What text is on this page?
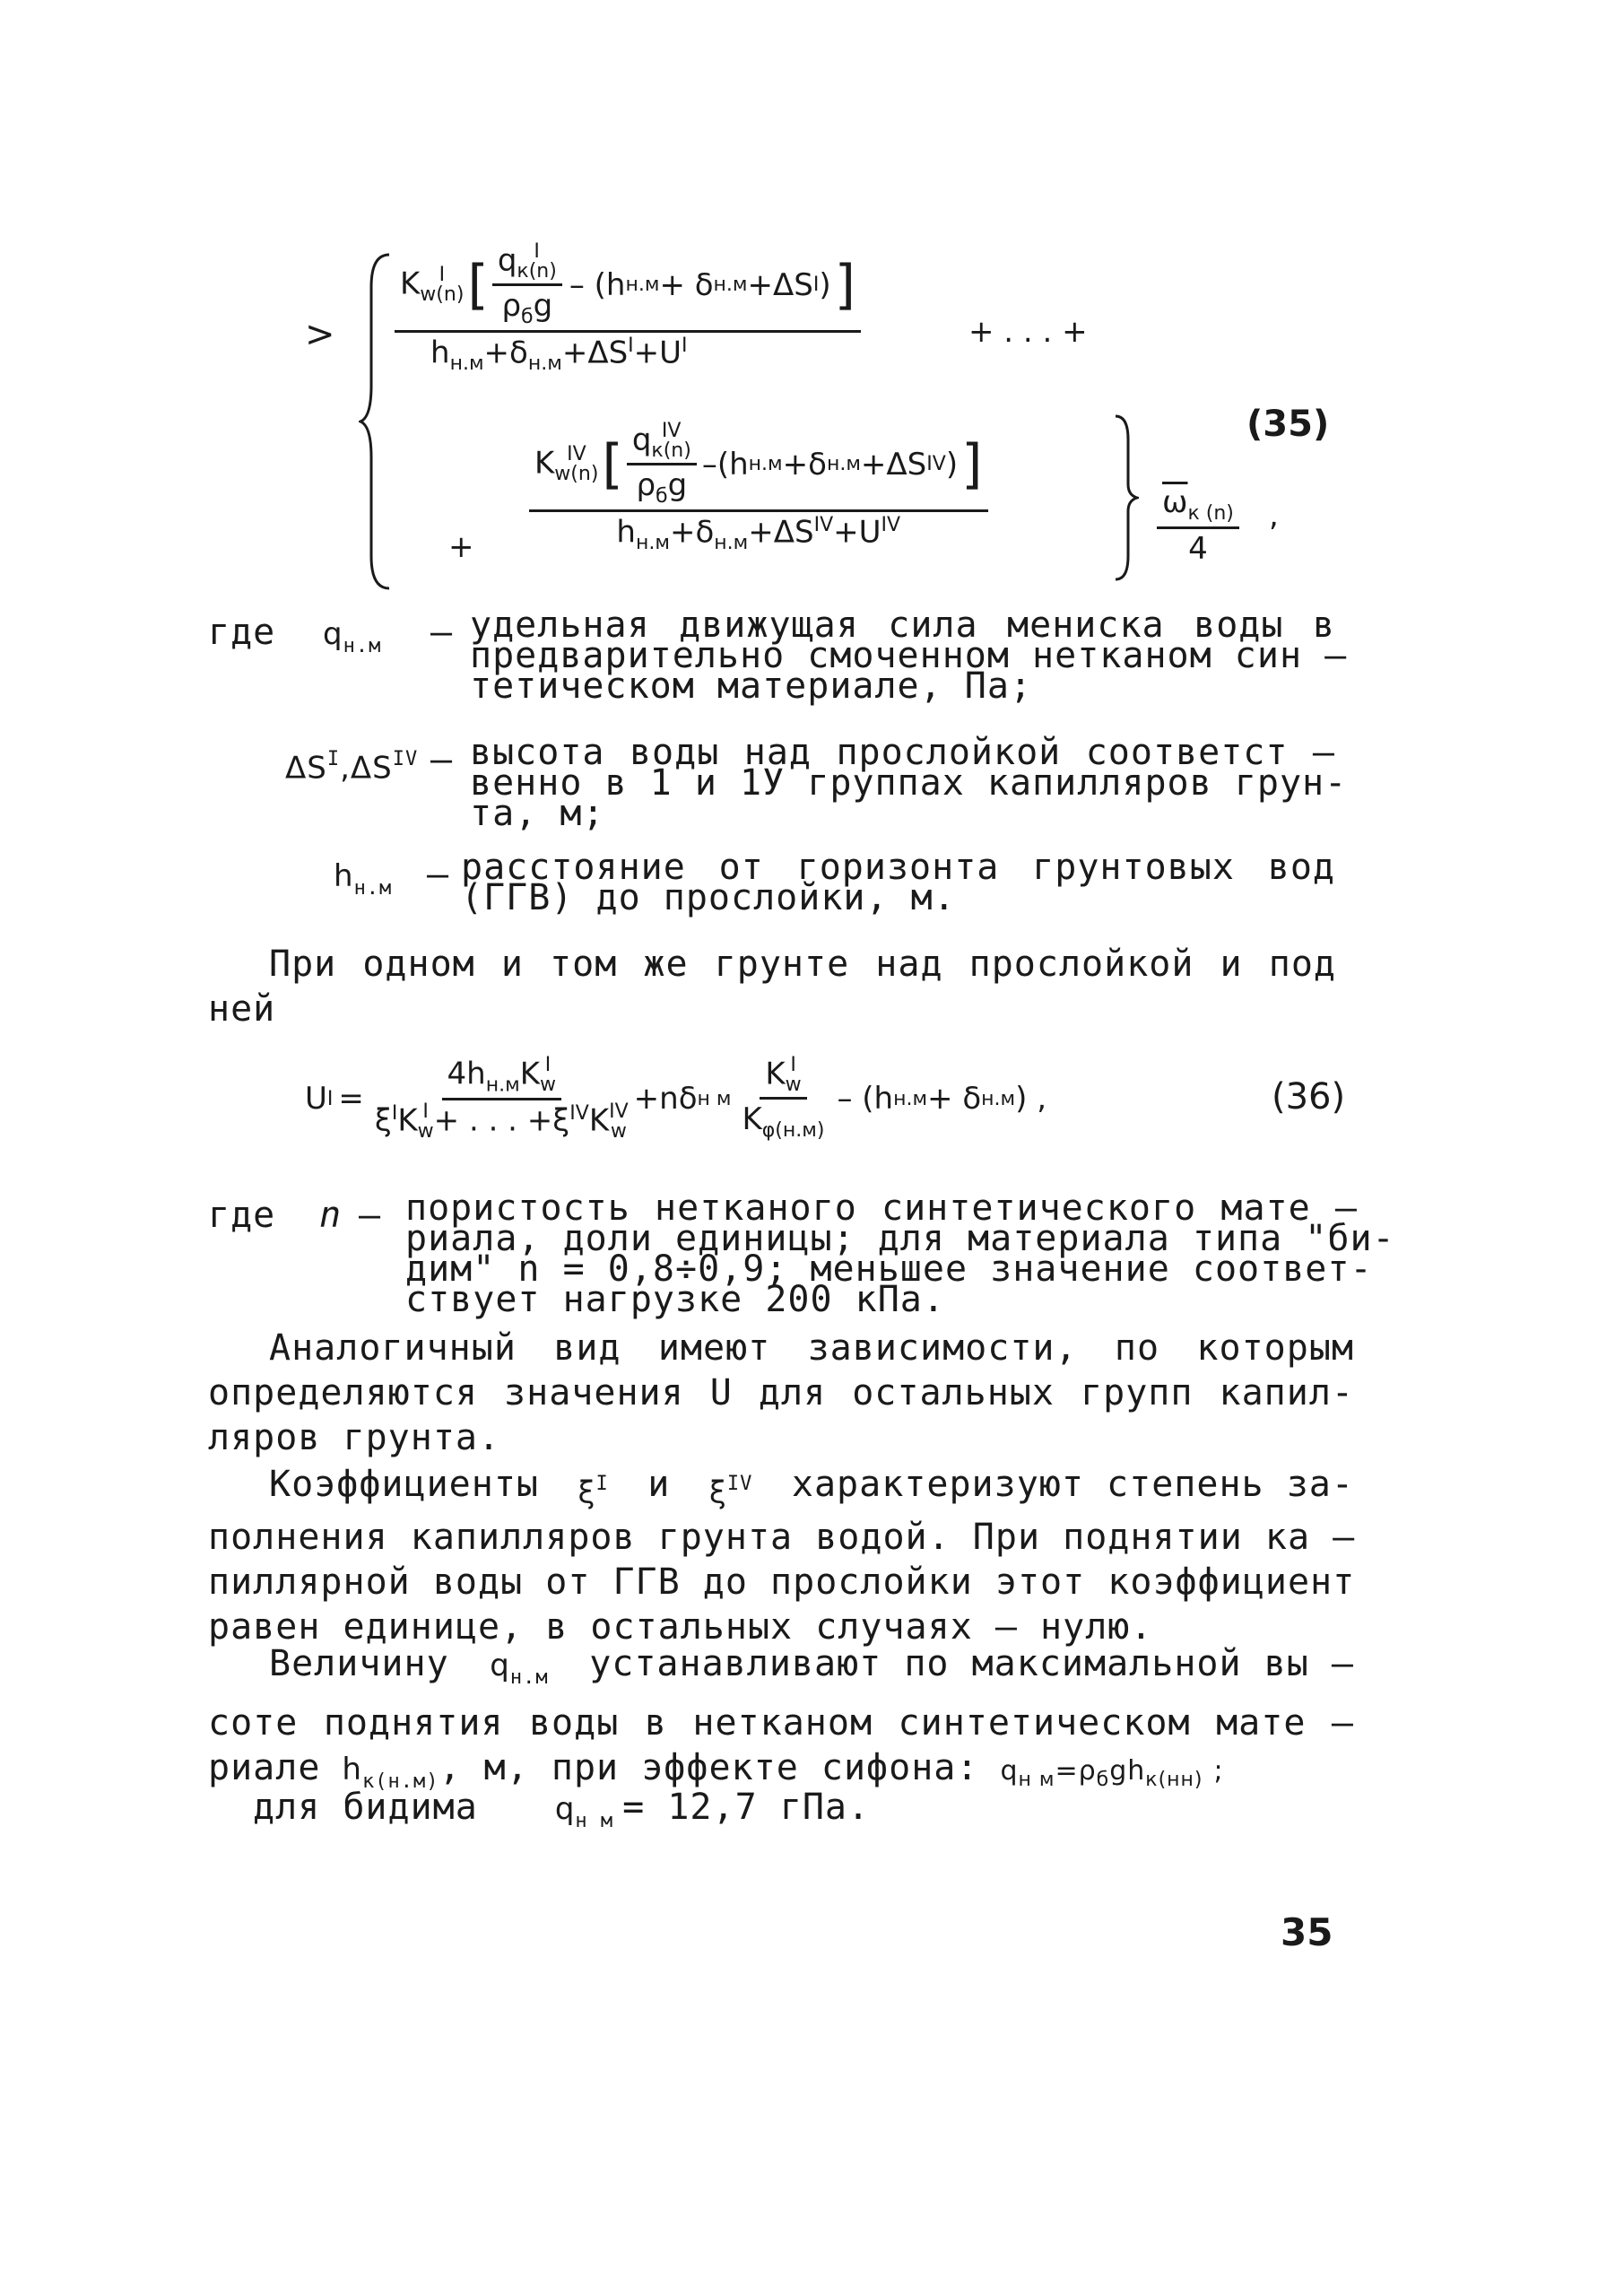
>
K I
w(n) [ q I
к(n)
$\rho_бg - (h$ н.м + δ н.м +ΔS I ) ]
$h_{н.м}+\delta_{н.м}+\Delta S^I+U^I$	+ . . . +
+
K IV
w(n) [ q IV
к(n)
$\rho_бg$ –(h н.м +δ н.м +ΔS IV ) ]
$h_{н.м}+\delta_{н.м}+\Delta S^{IV}+U^{IV}$
$\overline{\omega}_{к (n)}$
4
,
(35)
где $q_{н.м}$ – удельная движущая сила мениска воды в
предварительно смоченном нетканом син –
тетическом материале, Па;
$\Delta S^I,\Delta S^{IV}$ – высота воды над прослойкой соответст –
венно в 1 и 1У группах капилляров грун-
та, м;
$h_{н.м}$ – расстояние от горизонта грунтовых вод
(ГГВ) до прослойки, м.
При одном и том же грунте над прослойкой и под
ней
U $I = 4h_{н.м}K$ I
w
$\xi^IK$ I
w + . . . $+\xi^{IV}K$ IV
w +nδ н м K I
w
$K_{\varphi(н.м)} - (h$ н.м + δ н.м ) ,	(36)
где n – пористость нетканого синтетического мате –
риала, доли единицы; для материала типа "би-
дим" n = 0,8÷0,9; меньшее значение соответ-
ствует нагрузке 200 кПа.
Аналогичный вид имеют зависимости, по которым
определяются значения U для остальных групп капил-
ляров грунта.
Коэффициенты $\xi^I$ и $\xi^{IV}$ характеризуют степень за-
полнения капилляров грунта водой. При поднятии ка –
пиллярной воды от ГГВ до прослойки этот коэффициент
равен единице, в остальных случаях – нулю.
Величину $q_{н.м}$ устанавливают по максимальной вы –
соте поднятия воды в нетканом синтетическом мате –
риале $h_{к(н.м)}$ , м, при эффекте сифона: $q_{н м}=\rho_бgh_{к(нн)}$ ;
для бидима	$q_{н м} = 12,7$ гПа.
35
